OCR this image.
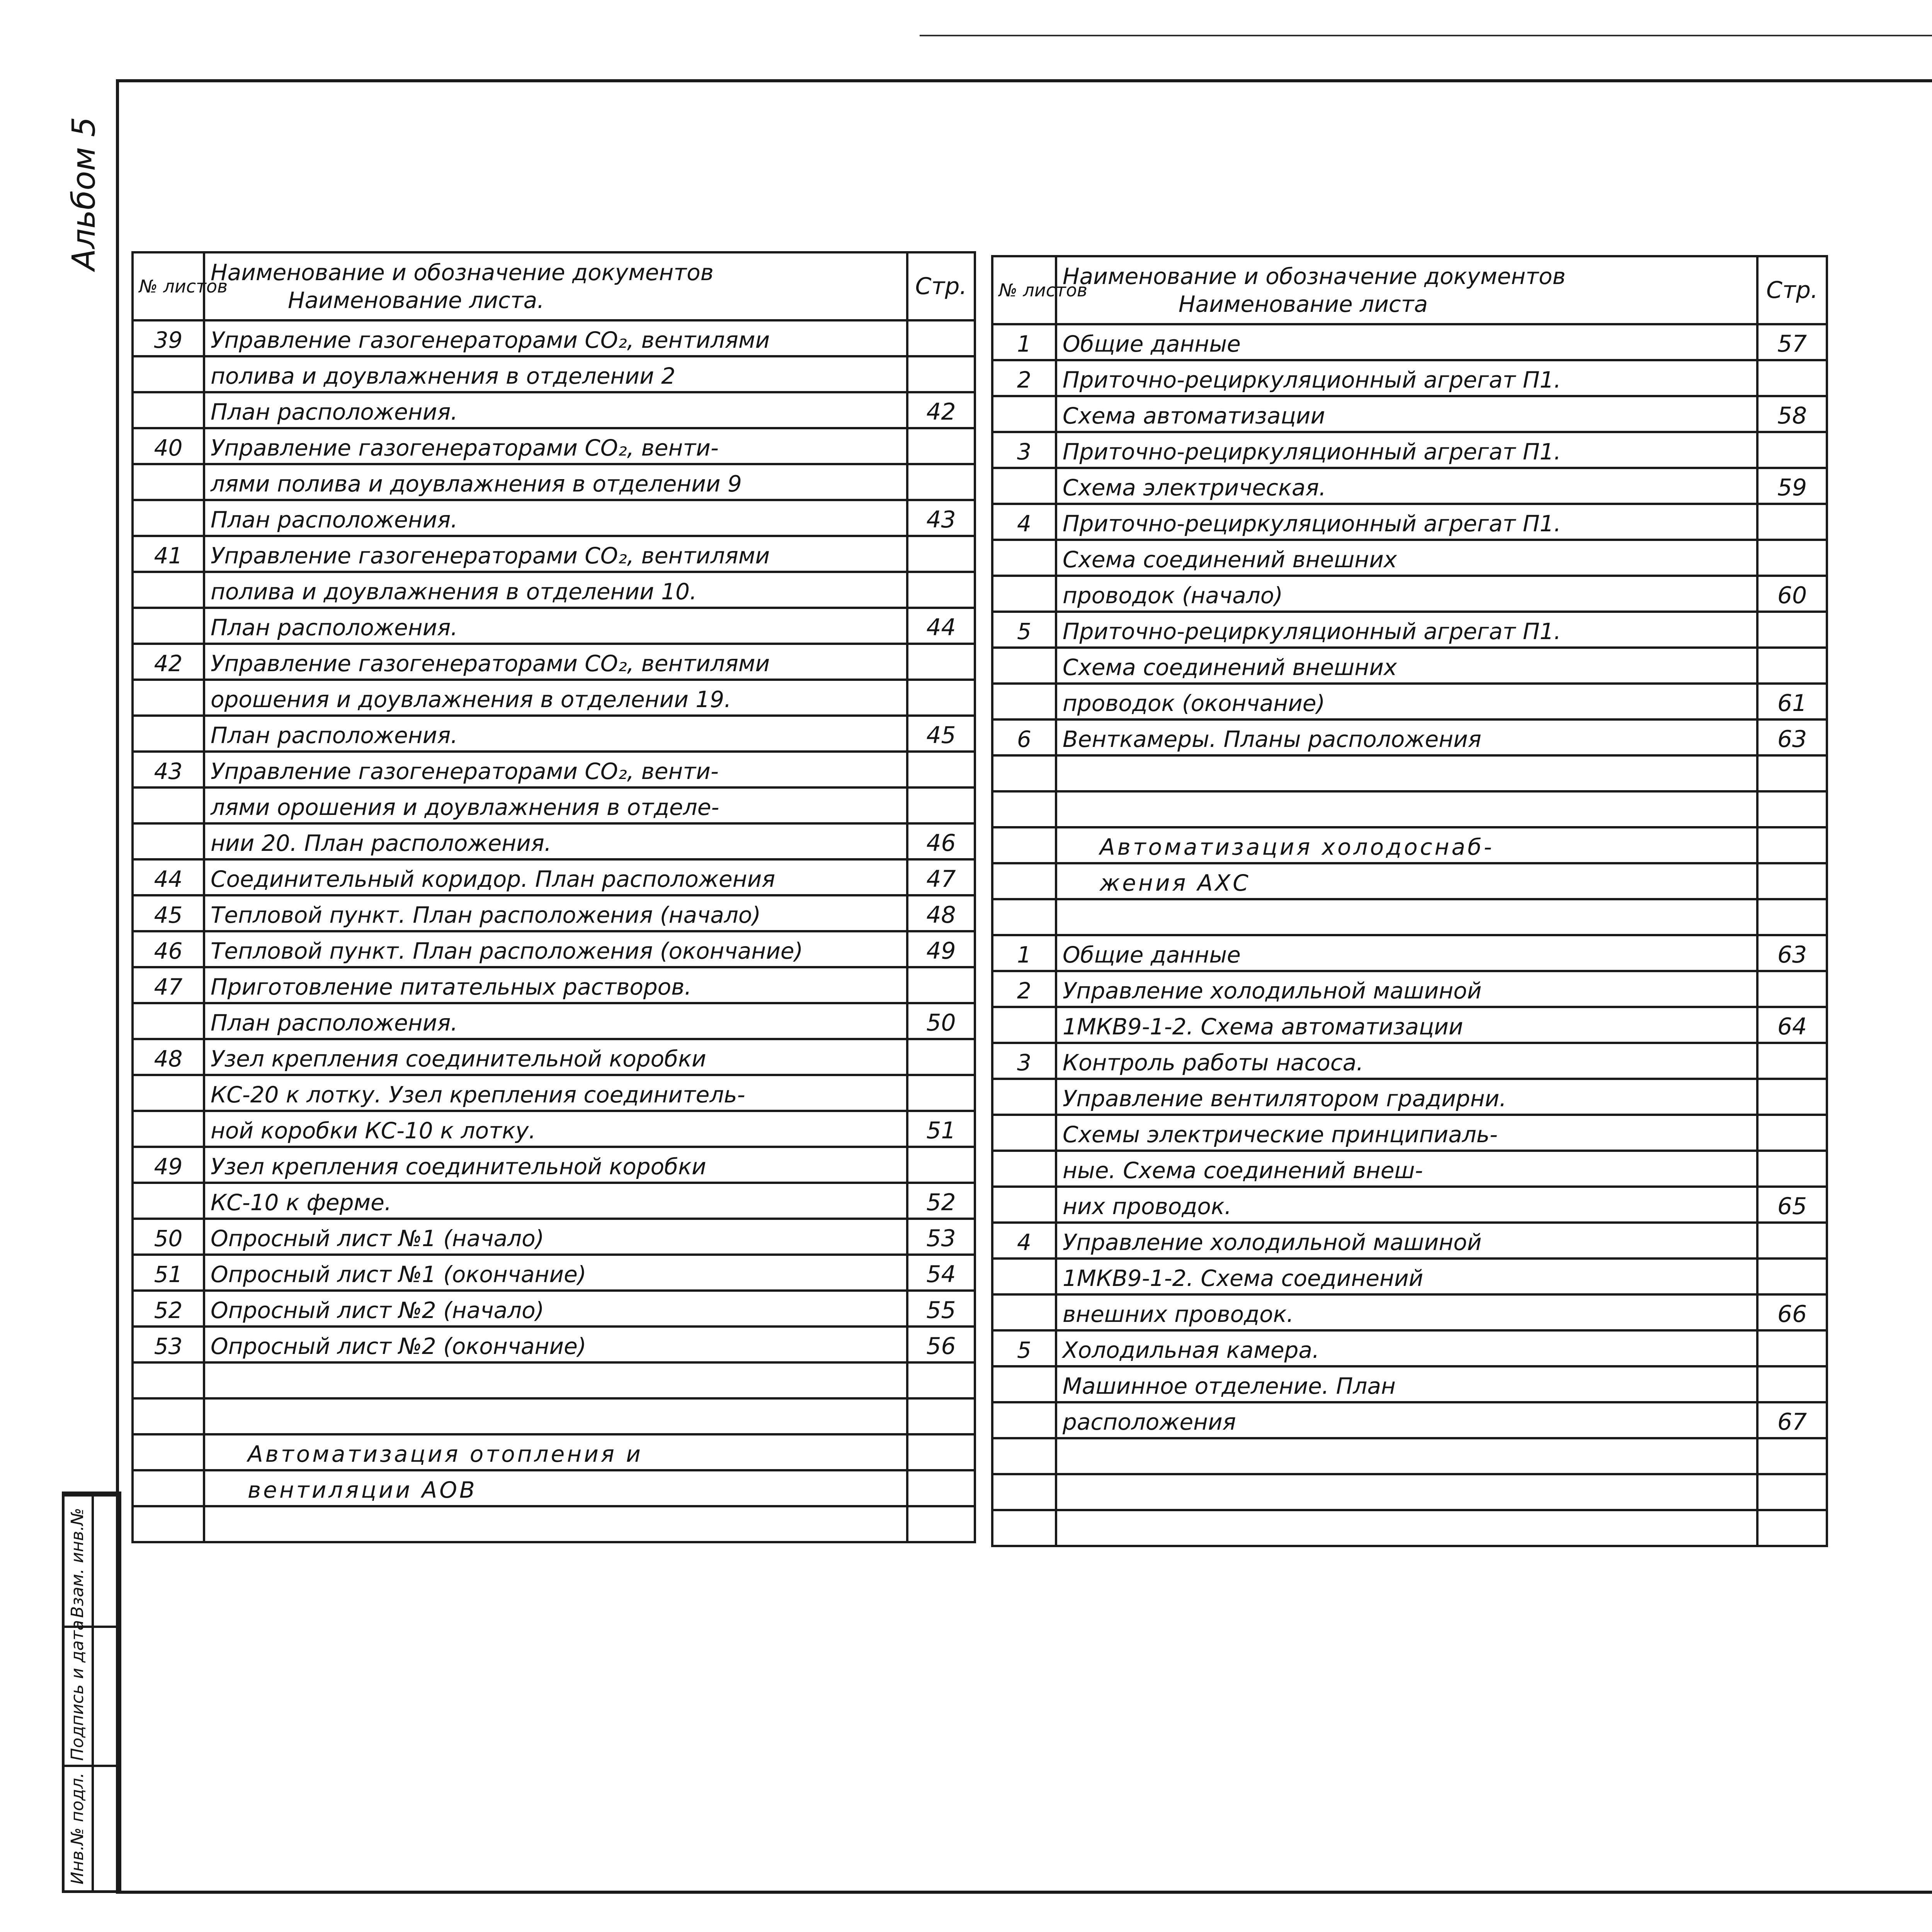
Альбом 5
Инв.№ подл.
Подпись и дата
Взам. инв.№
№ листов	Наименование и обозначение документов
Наименование листа.	Стр.
39	Управление газогенераторами CO₂, вентилями	
	полива и доувлажнения в отделении 2	
	План расположения.	42
40	Управление газогенераторами CO₂, венти-	
	лями полива и доувлажнения в отделении 9	
	План расположения.	43
41	Управление газогенераторами CO₂, вентилями	
	полива и доувлажнения в отделении 10.	
	План расположения.	44
42	Управление газогенераторами CO₂, вентилями	
	орошения и доувлажнения в отделении 19.	
	План расположения.	45
43	Управление газогенераторами CO₂, венти-	
	лями орошения и доувлажнения в отделе-	
	нии 20. План расположения.	46
44	Соединительный коридор. План расположения	47
45	Тепловой пункт. План расположения (начало)	48
46	Тепловой пункт. План расположения (окончание)	49
47	Приготовление питательных растворов.	
	План расположения.	50
48	Узел крепления соединительной коробки	
	КС-20 к лотку. Узел крепления соединитель-	
	ной коробки КС-10 к лотку.	51
49	Узел крепления соединительной коробки	
	КС-10 к ферме.	52
50	Опросный лист №1 (начало)	53
51	Опросный лист №1 (окончание)	54
52	Опросный лист №2 (начало)	55
53	Опросный лист №2 (окончание)	56

	Автоматизация отопления и	
	вентиляции АОВ	

№ листов	Наименование и обозначение документов
Наименование листа	Стр.
1	Общие данные	57
2	Приточно-рециркуляционный агрегат П1.	
	Схема автоматизации	58
3	Приточно-рециркуляционный агрегат П1.	
	Схема электрическая.	59
4	Приточно-рециркуляционный агрегат П1.	
	Схема соединений внешних	
	проводок (начало)	60
5	Приточно-рециркуляционный агрегат П1.	
	Схема соединений внешних	
	проводок (окончание)	61
6	Венткамеры. Планы расположения	63

	Автоматизация холодоснаб-	
	жения АХС	

1	Общие данные	63
2	Управление холодильной машиной	
	1МКВ9-1-2. Схема автоматизации	64
3	Контроль работы насоса.	
	Управление вентилятором градирни.	
	Схемы электрические принципиаль-	
	ные. Схема соединений внеш-	
	них проводок.	65
4	Управление холодильной машиной	
	1МКВ9-1-2. Схема соединений	
	внешних проводок.	66
5	Холодильная камера.	
	Машинное отделение. План	
	расположения	67
